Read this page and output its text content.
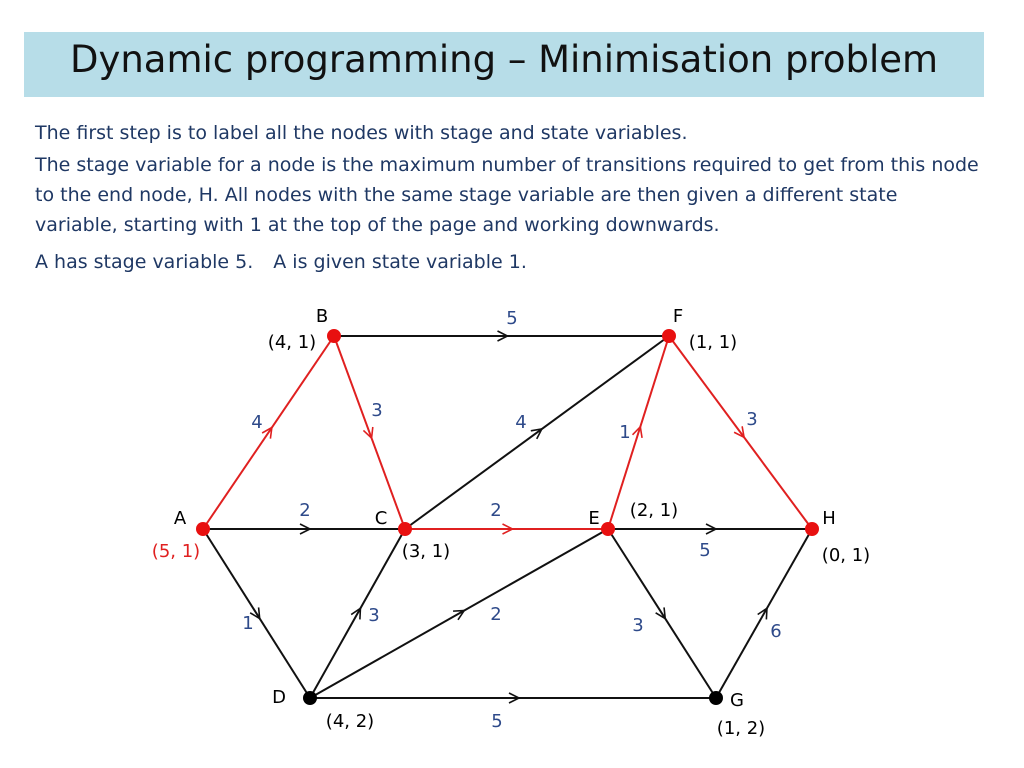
Dynamic programming – Minimisation problem
The first step is to label all the nodes with stage and state variables.
The stage variable for a node is the maximum number of transitions required to get from this node to the end node, H. All nodes with the same stage variable are then given a different state variable, starting with 1 at the top of the page and working downwards.
A has stage variable 5. A is given state variable 1.
4
2
1
5
3
4
2
3	2
5
1
5
3
3
6
A
(5, 1)
B
(4, 1)
C
(3, 1)
D
(4, 2)
E (2, 1)
F
(1, 1)
G
(1, 2)
H
(0, 1)
